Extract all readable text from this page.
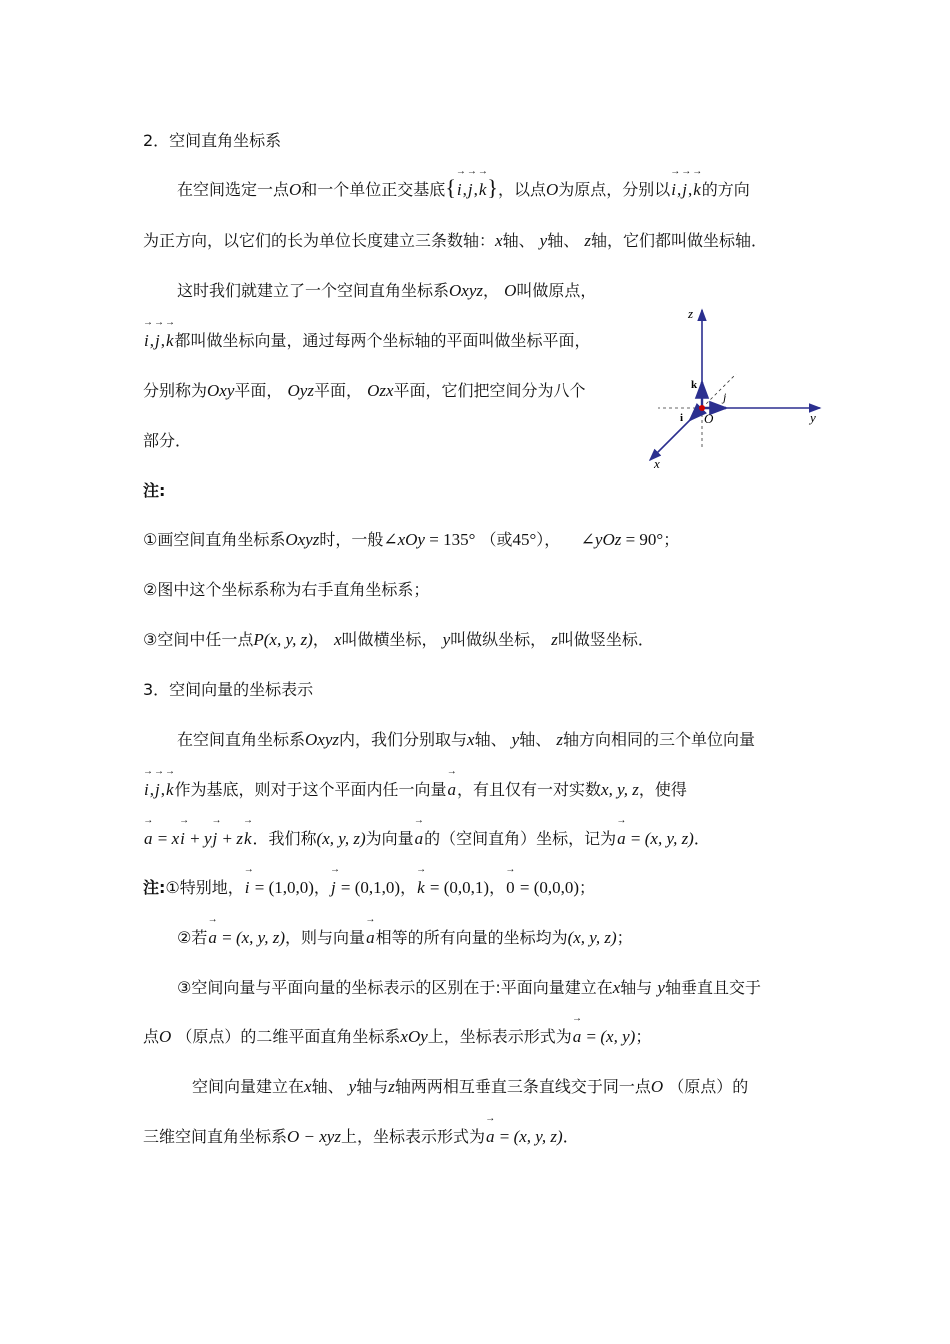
2．空间直角坐标系
在空间选定一点O和一个单位正交基底{→ i,→ j,→ k}，以点O为原点，分别以→ i,→ j,→ k的方向
为正方向，以它们的长为单位长度建立三条数轴：x轴、 y轴、 z轴，它们都叫做坐标轴．
这时我们就建立了一个空间直角坐标系Oxyz， O叫做原点，
→ i,→ j,→ k都叫做坐标向量，通过每两个坐标轴的平面叫做坐标平面，
分别称为Oxy平面， Oyz平面， Ozx平面，它们把空间分为八个
部分．
z
y
x
k
j
i O
注:
①画空间直角坐标系Oxyz时，一般∠xOy = 135° （或45°）， ∠yOz = 90°；
②图中这个坐标系称为右手直角坐标系；
③空间中任一点P(x, y, z)， x叫做横坐标， y叫做纵坐标， z叫做竖坐标．
3．空间向量的坐标表示
在空间直角坐标系Oxyz内，我们分别取与x轴、 y轴、 z轴方向相同的三个单位向量
→ i,→ j,→ k作为基底，则对于这个平面内任一向量→ a，有且仅有一对实数x, y, z，使得
→ a = x→ i + y→ j + z→ k．我们称(x, y, z)为向量→ a的（空间直角）坐标，记为→ a = (x, y, z)．
注:①特别地，→ i = (1,0,0)，→ j = (0,1,0)，→ k = (0,0,1)，→ 0 = (0,0,0)；
②若→ a = (x, y, z)，则与向量→ a相等的所有向量的坐标均为(x, y, z)；
③空间向量与平面向量的坐标表示的区别在于:平面向量建立在x轴与 y轴垂直且交于
点O （原点）的二维平面直角坐标系xOy上，坐标表示形式为→ a = (x, y)；
空间向量建立在x轴、 y轴与z轴两两相互垂直三条直线交于同一点O （原点）的
三维空间直角坐标系O − xyz上，坐标表示形式为→ a = (x, y, z)．
